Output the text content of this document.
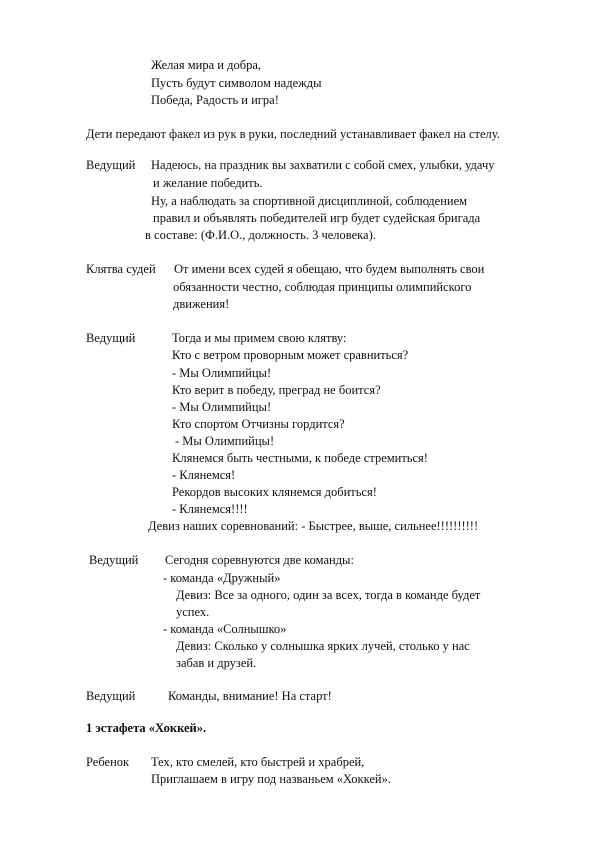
Желая мира и добра,
Пусть будут символом надежды
Победа, Радость и игра!
Дети передают факел из рук в руки, последний устанавливает факел на стелу.
Ведущий Надеюсь, на праздник вы захватили с собой смех, улыбки, удачу
и желание победить.
Ну, а наблюдать за спортивной дисциплиной, соблюдением
правил и объявлять победителей игр будет судейская бригада
в составе: (Ф.И.О., должность. 3 человека).
Клятва судей От имени всех судей я обещаю, что будем выполнять свои
обязанности честно, соблюдая принципы олимпийского
движения!
Ведущий	Тогда и мы примем свою клятву:
Кто с ветром проворным может сравниться?
- Мы Олимпийцы!
Кто верит в победу, преград не боится?
- Мы Олимпийцы!
Кто спортом Отчизны гордится?
- Мы Олимпийцы!
Клянемся быть честными, к победе стремиться!
- Клянемся!
Рекордов высоких клянемся добиться!
- Клянемся!!!!
Девиз наших соревнований: - Быстрее, выше, сильнее!!!!!!!!!!
Ведущий Сегодня соревнуются две команды:
- команда «Дружный»
Девиз: Все за одного, один за всех, тогда в команде будет
успех.
- команда «Солнышко»
Девиз: Сколько у солнышка ярких лучей, столько у нас
забав и друзей.
Ведущий	Команды, внимание! На старт!
1 эстафета «Хоккей».
Ребенок Тех, кто смелей, кто быстрей и храбрей,
Приглашаем в игру под названьем «Хоккей».
